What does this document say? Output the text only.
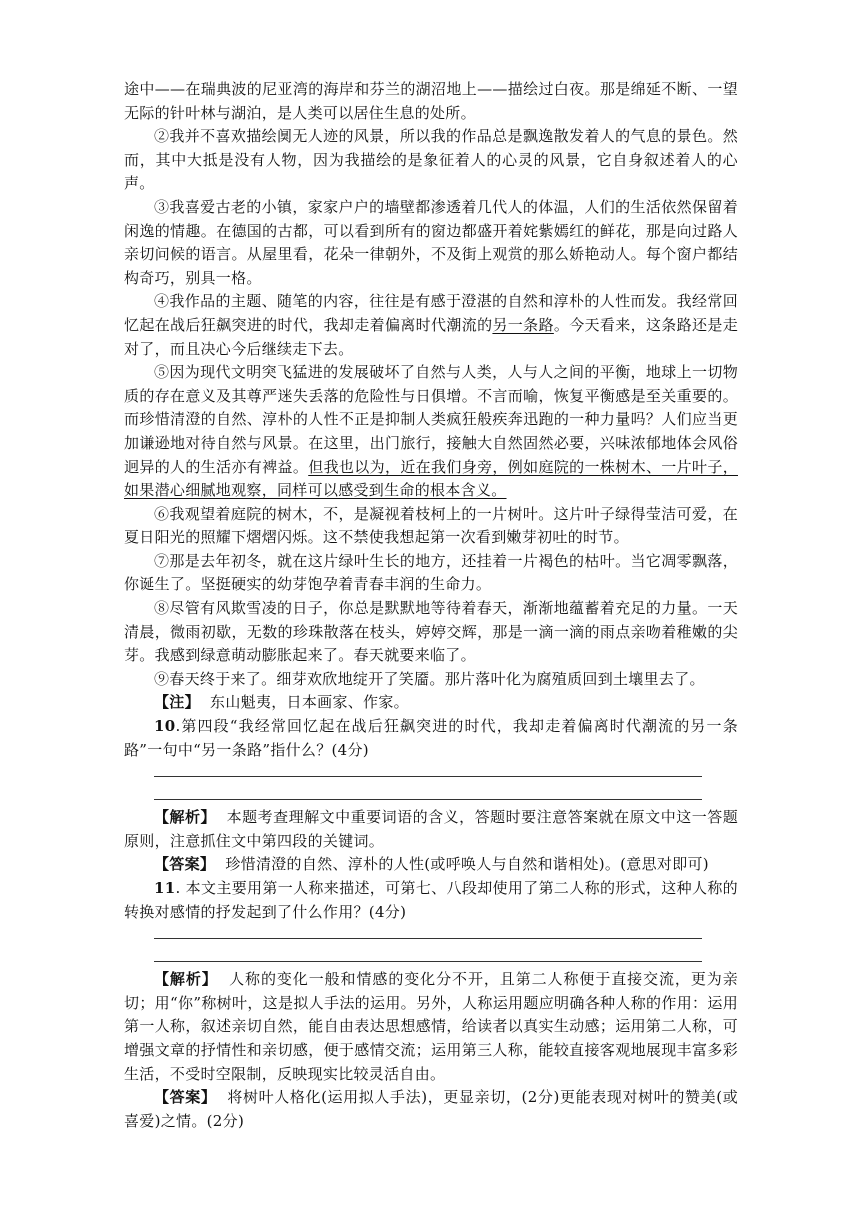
途中——在瑞典波的尼亚湾的海岸和芬兰的湖沼地上——描绘过白夜。那是绵延不断、一望无际的针叶林与湖泊，是人类可以居住生息的处所。

②我并不喜欢描绘阒无人迹的风景，所以我的作品总是飘逸散发着人的气息的景色。然而，其中大抵是没有人物，因为我描绘的是象征着人的心灵的风景，它自身叙述着人的心声。

③我喜爱古老的小镇，家家户户的墙壁都渗透着几代人的体温，人们的生活依然保留着闲逸的情趣。在德国的古都，可以看到所有的窗边都盛开着姹紫嫣红的鲜花，那是向过路人亲切问候的语言。从屋里看，花朵一律朝外，不及街上观赏的那么娇艳动人。每个窗户都结构奇巧，别具一格。

④我作品的主题、随笔的内容，往往是有感于澄湛的自然和淳朴的人性而发。我经常回忆起在战后狂飙突进的时代，我却走着偏离时代潮流的另一条路。今天看来，这条路还是走对了，而且决心今后继续走下去。

⑤因为现代文明突飞猛进的发展破坏了自然与人类，人与人之间的平衡，地球上一切物质的存在意义及其尊严迷失丢落的危险性与日俱增。不言而喻，恢复平衡感是至关重要的。而珍惜清澄的自然、淳朴的人性不正是抑制人类疯狂般疾奔迅跑的一种力量吗？人们应当更加谦逊地对待自然与风景。在这里，出门旅行，接触大自然固然必要，兴味浓郁地体会风俗迥异的人的生活亦有裨益。但我也以为，近在我们身旁，例如庭院的一株树木、一片叶子，如果潜心细腻地观察，同样可以感受到生命的根本含义。

⑥我观望着庭院的树木，不，是凝视着枝柯上的一片树叶。这片叶子绿得莹洁可爱，在夏日阳光的照耀下熠熠闪烁。这不禁使我想起第一次看到嫩芽初吐的时节。

⑦那是去年初冬，就在这片绿叶生长的地方，还挂着一片褐色的枯叶。当它凋零飘落，你诞生了。坚挺硬实的幼芽饱孕着青春丰润的生命力。

⑧尽管有风欺雪凌的日子，你总是默默地等待着春天，渐渐地蕴蓄着充足的力量。一天清晨，微雨初歇，无数的珍珠散落在枝头，婷婷交辉，那是一滴一滴的雨点亲吻着稚嫩的尖芽。我感到绿意萌动膨胀起来了。春天就要来临了。

⑨春天终于来了。细芽欢欣地绽开了笑靥。那片落叶化为腐殖质回到土壤里去了。

【注】 东山魁夷，日本画家、作家。

10.第四段“我经常回忆起在战后狂飙突进的时代，我却走着偏离时代潮流的另一条路”一句中“另一条路”指什么？(4分)

【解析】 本题考查理解文中重要词语的含义，答题时要注意答案就在原文中这一答题原则，注意抓住文中第四段的关键词。

【答案】 珍惜清澄的自然、淳朴的人性(或呼唤人与自然和谐相处)。(意思对即可)

11. 本文主要用第一人称来描述，可第七、八段却使用了第二人称的形式，这种人称的转换对感情的抒发起到了什么作用？(4分)

【解析】 人称的变化一般和情感的变化分不开，且第二人称便于直接交流，更为亲切；用“你”称树叶，这是拟人手法的运用。另外，人称运用题应明确各种人称的作用：运用第一人称，叙述亲切自然，能自由表达思想感情，给读者以真实生动感；运用第二人称，可增强文章的抒情性和亲切感，便于感情交流；运用第三人称，能较直接客观地展现丰富多彩生活，不受时空限制，反映现实比较灵活自由。

【答案】 将树叶人格化(运用拟人手法)，更显亲切，(2分)更能表现对树叶的赞美(或喜爱)之情。(2分)
